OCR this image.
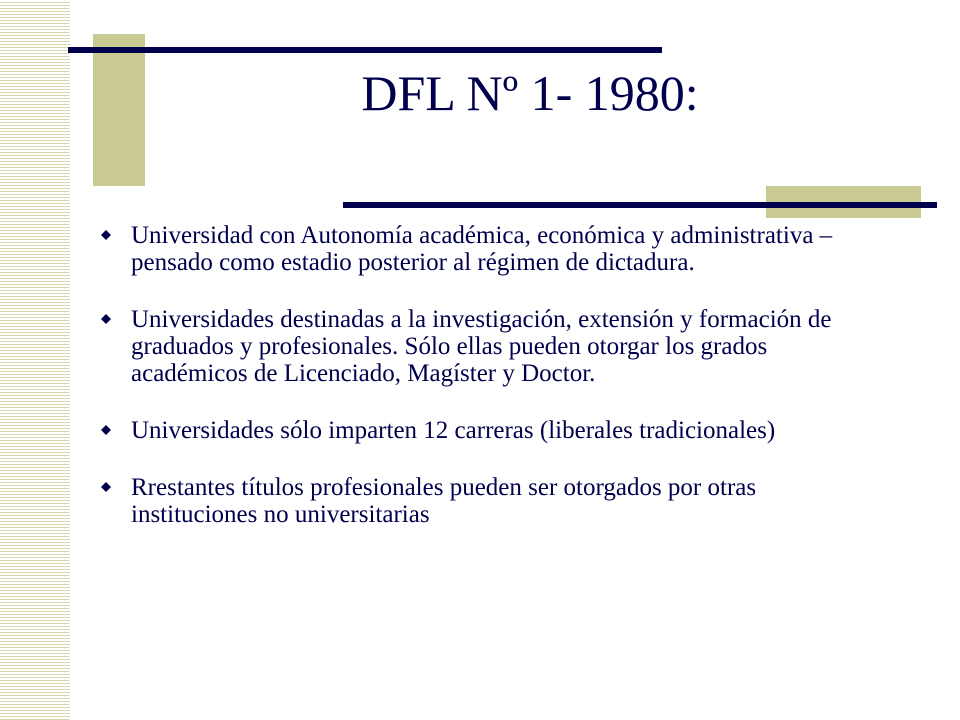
DFL Nº 1- 1980:
Universidad con Autonomía académica, económica y administrativa – pensado como estadio posterior al régimen de dictadura.
Universidades destinadas a la investigación, extensión y formación de graduados y profesionales. Sólo ellas pueden otorgar los grados académicos de Licenciado, Magíster y Doctor.
Universidades sólo imparten 12 carreras (liberales tradicionales)
Rrestantes títulos profesionales pueden ser otorgados por otras instituciones no universitarias
